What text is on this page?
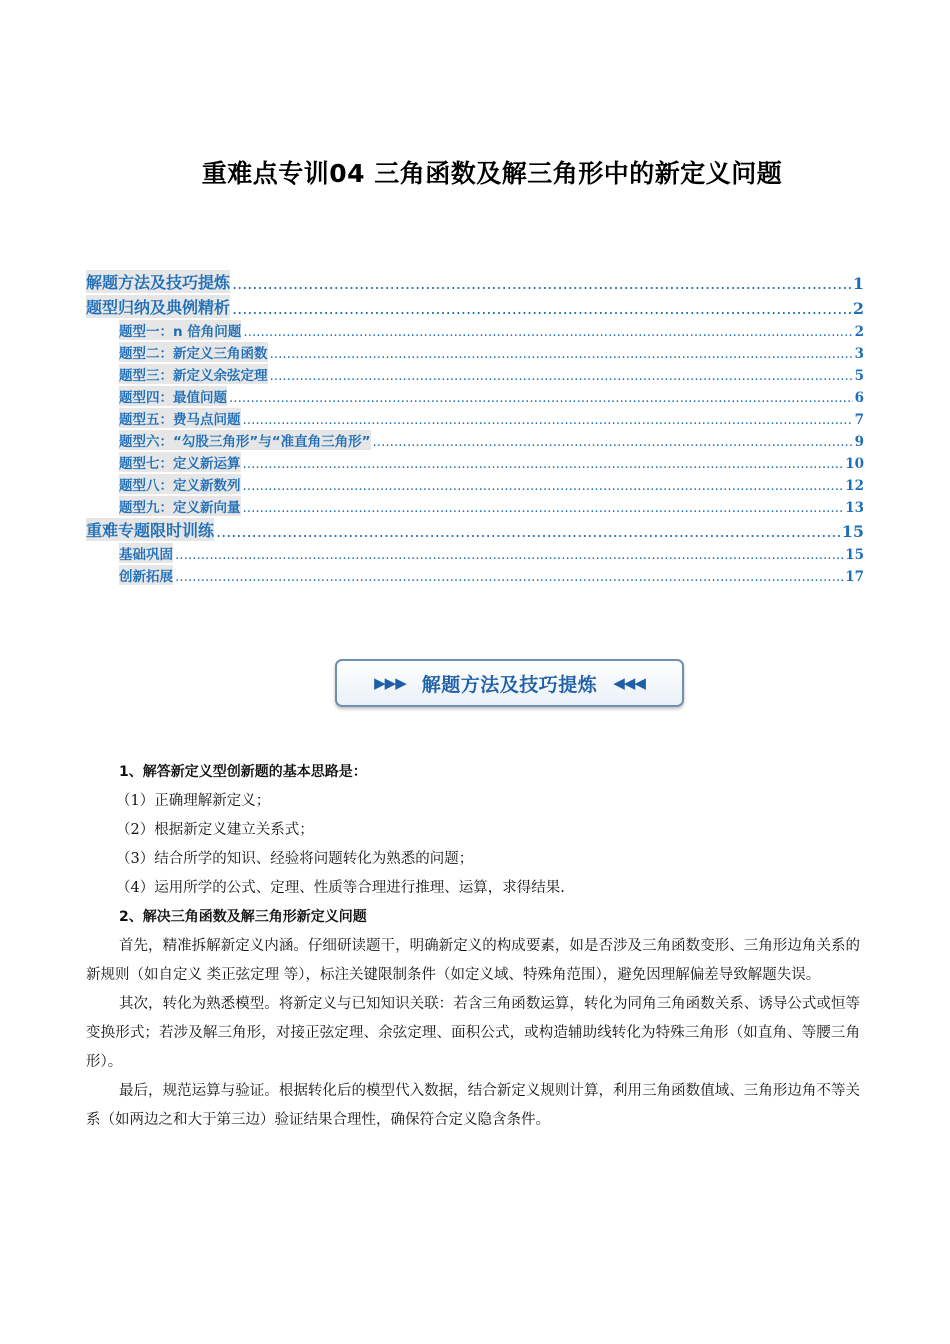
重难点专训04 三角函数及解三角形中的新定义问题
解题方法及技巧提炼 .....	1
题型归纳及典例精析 .....	2
题型一：n 倍角问题 .....	2
题型二：新定义三角函数 .....	3
题型三：新定义余弦定理 .....	5
题型四：最值问题 .....	6
题型五：费马点问题 .....	7
题型六：“勾股三角形”与“准直角三角形” .....	9
题型七：定义新运算 .....	10
题型八：定义新数列 .....	12
题型九：定义新向量 .....	13
重难专题限时训练 .....	15
基础巩固 .....	15
创新拓展 .....	17
▶▶▶ 解题方法及技巧提炼 ◀◀◀

1、解答新定义型创新题的基本思路是：

（1）正确理解新定义；

（2）根据新定义建立关系式；

（3）结合所学的知识、经验将问题转化为熟悉的问题；

（4）运用所学的公式、定理、性质等合理进行推理、运算，求得结果.

2、解决三角函数及解三角形新定义问题

首先，精准拆解新定义内涵。仔细研读题干，明确新定义的构成要素，如是否涉及三角函数变形、三角形边角关系的新规则（如自定义 类正弦定理 等），标注关键限制条件（如定义域、特殊角范围），避免因理解偏差导致解题失误。

其次，转化为熟悉模型。将新定义与已知知识关联：若含三角函数运算，转化为同角三角函数关系、诱导公式或恒等变换形式；若涉及解三角形，对接正弦定理、余弦定理、面积公式，或构造辅助线转化为特殊三角形（如直角、等腰三角形）。

最后，规范运算与验证。根据转化后的模型代入数据，结合新定义规则计算，利用三角函数值域、三角形边角不等关系（如两边之和大于第三边）验证结果合理性，确保符合定义隐含条件。
